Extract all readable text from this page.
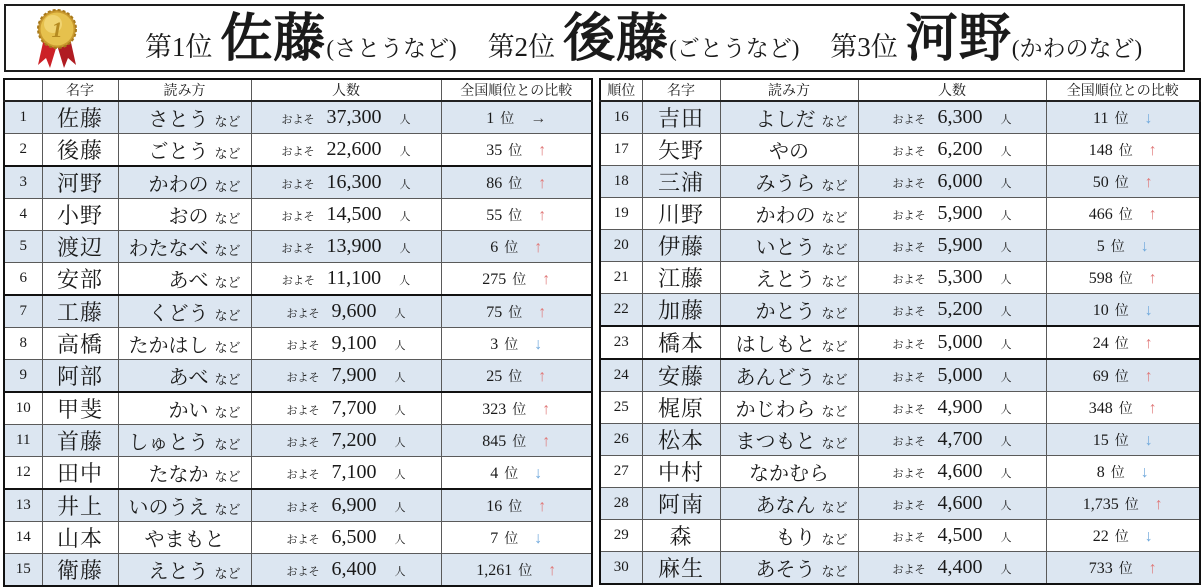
1
第1位 佐藤 (さとうなど) 第2位 後藤 (ごとうなど) 第3位 河野 (かわのなど)
	名字	読み方	人数	全国順位との比較
1	佐藤	さとう など	およそ 37,300 人	1 位 →
2	後藤	ごとう など	およそ 22,600 人	35 位 ↑
3	河野	かわの など	およそ 16,300 人	86 位 ↑
4	小野	おの など	およそ 14,500 人	55 位 ↑
5	渡辺	わたなべ など	およそ 13,900 人	6 位 ↑
6	安部	あべ など	およそ 11,100 人	275 位 ↑
7	工藤	くどう など	およそ 9,600 人	75 位 ↑
8	高橋	たかはし など	およそ 9,100 人	3 位 ↓
9	阿部	あべ など	およそ 7,900 人	25 位 ↑
10	甲斐	かい など	およそ 7,700 人	323 位 ↑
11	首藤	しゅとう など	およそ 7,200 人	845 位 ↑
12	田中	たなか など	およそ 7,100 人	4 位 ↓
13	井上	いのうえ など	およそ 6,900 人	16 位 ↑
14	山本	やまもと	およそ 6,500 人	7 位 ↓
15	衛藤	えとう など	およそ 6,400 人	1,261 位 ↑
順位	名字	読み方	人数	全国順位との比較
16	吉田	よしだ など	およそ 6,300 人	11 位 ↓
17	矢野	やの	およそ 6,200 人	148 位 ↑
18	三浦	みうら など	およそ 6,000 人	50 位 ↑
19	川野	かわの など	およそ 5,900 人	466 位 ↑
20	伊藤	いとう など	およそ 5,900 人	5 位 ↓
21	江藤	えとう など	およそ 5,300 人	598 位 ↑
22	加藤	かとう など	およそ 5,200 人	10 位 ↓
23	橋本	はしもと など	およそ 5,000 人	24 位 ↑
24	安藤	あんどう など	およそ 5,000 人	69 位 ↑
25	梶原	かじわら など	およそ 4,900 人	348 位 ↑
26	松本	まつもと など	およそ 4,700 人	15 位 ↓
27	中村	なかむら	およそ 4,600 人	8 位 ↓
28	阿南	あなん など	およそ 4,600 人	1,735 位 ↑
29	森	もり など	およそ 4,500 人	22 位 ↓
30	麻生	あそう など	およそ 4,400 人	733 位 ↑
